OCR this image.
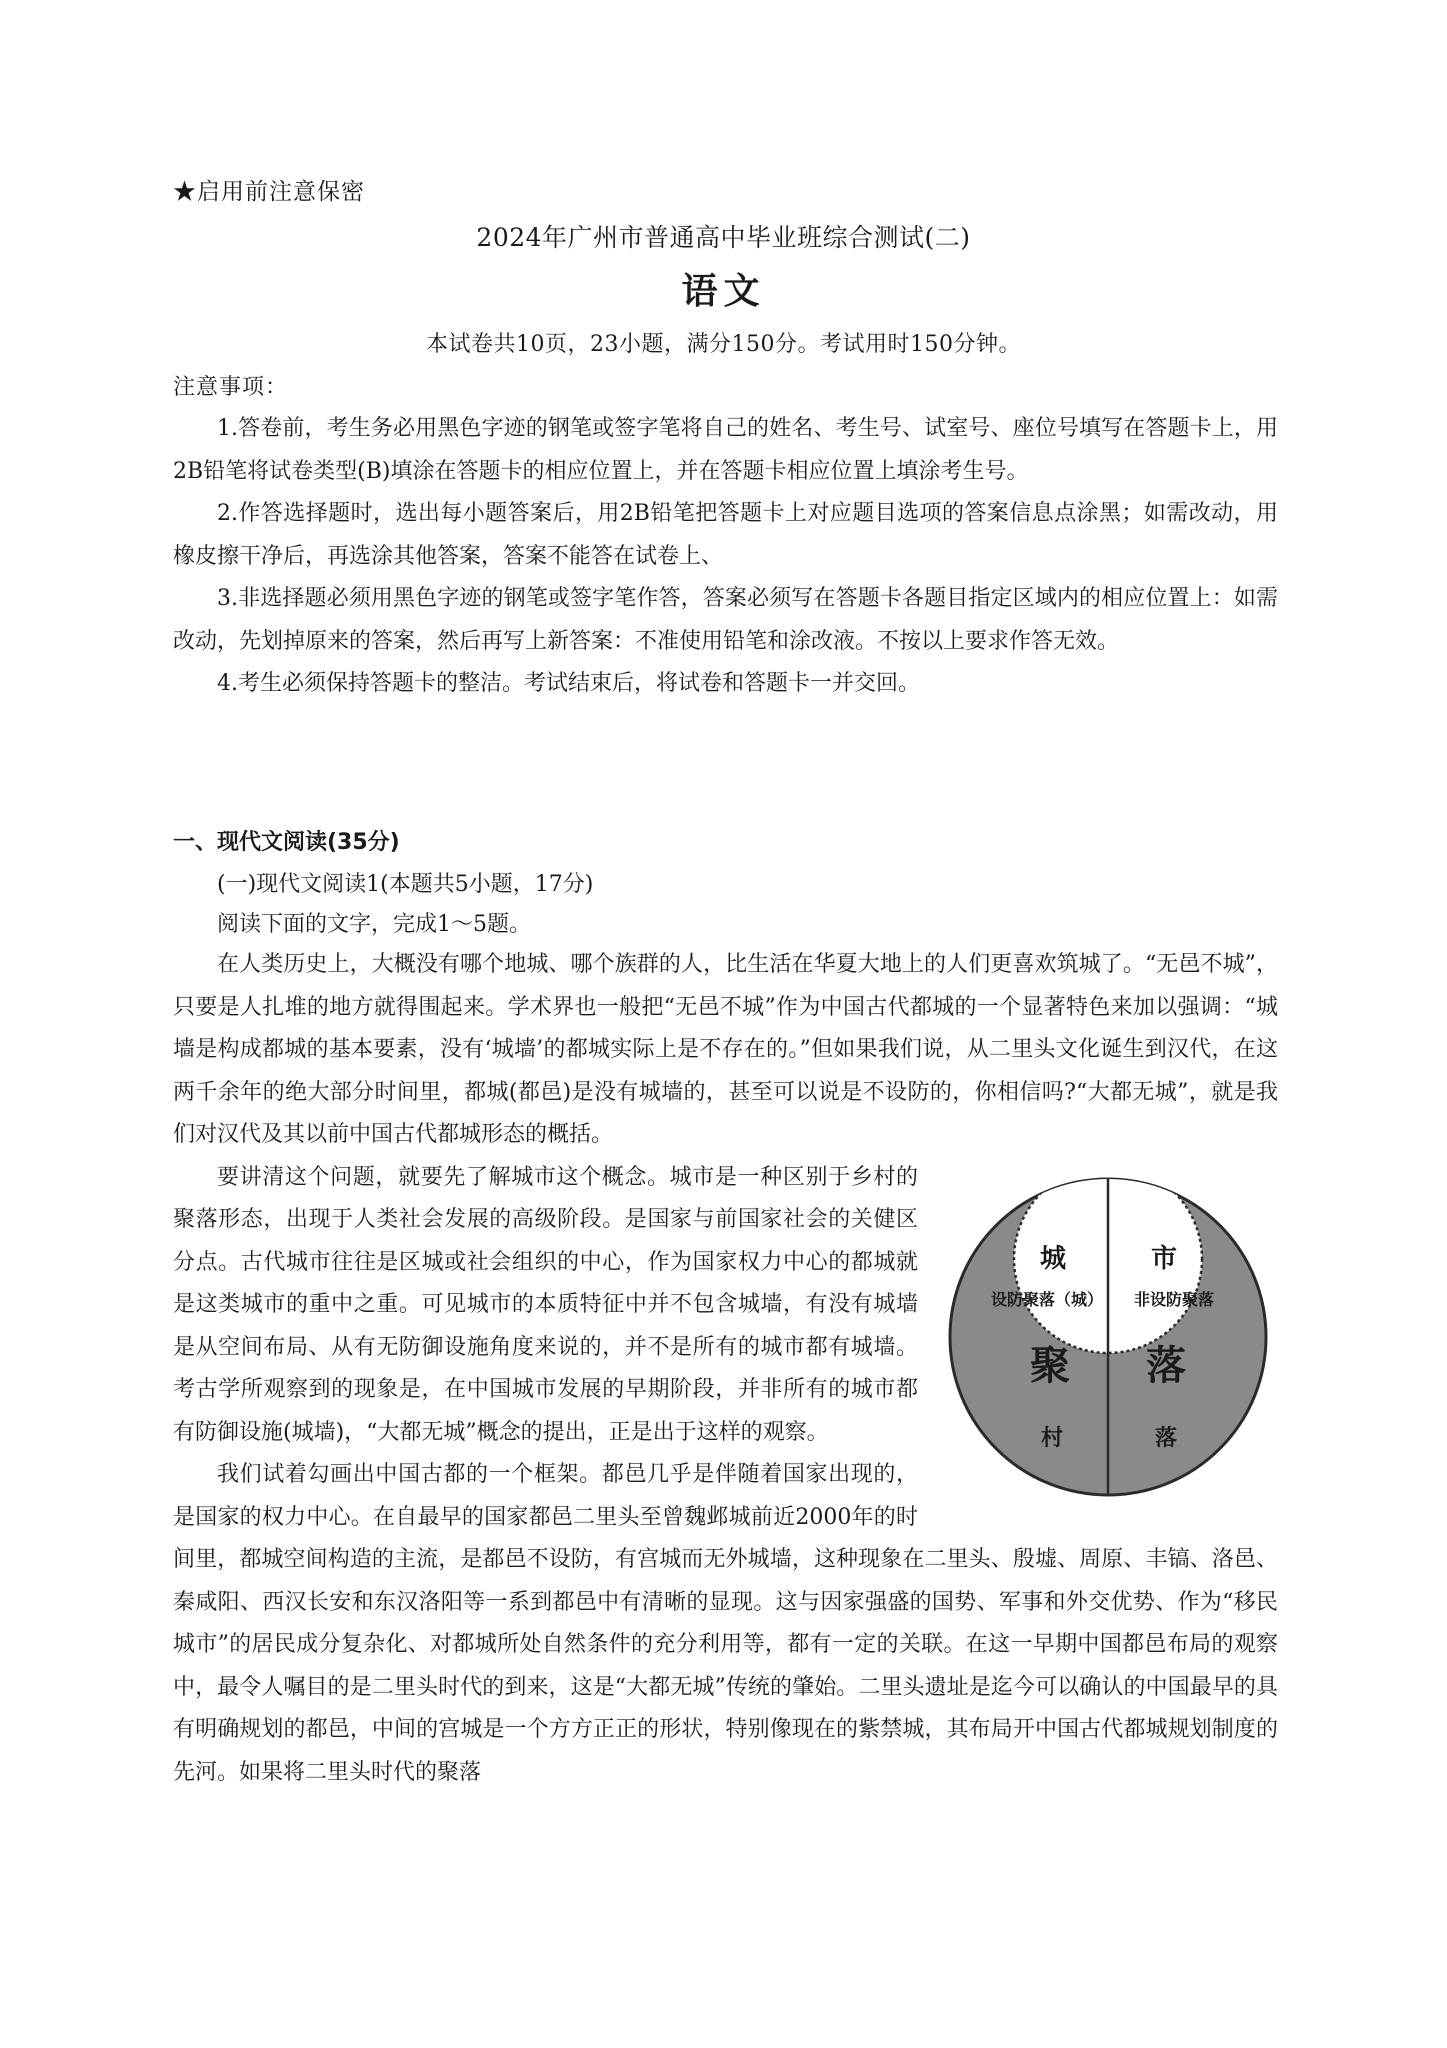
★启用前注意保密
2024年广州市普通高中毕业班综合测试(二)
语文
本试卷共10页，23小题，满分150分。考试用时150分钟。
注意事项：

1.答卷前，考生务必用黑色字迹的钢笔或签字笔将自己的姓名、考生号、试室号、座位号填写在答题卡上，用2B铅笔将试卷类型(B)填涂在答题卡的相应位置上，并在答题卡相应位置上填涂考生号。

2.作答选择题时，选出每小题答案后，用2B铅笔把答题卡上对应题目选项的答案信息点涂黑；如需改动，用橡皮擦干净后，再选涂其他答案，答案不能答在试卷上、

3.非选择题必须用黑色字迹的钢笔或签字笔作答，答案必须写在答题卡各题目指定区域内的相应位置上：如需改动，先划掉原来的答案，然后再写上新答案：不准使用铅笔和涂改液。不按以上要求作答无效。

4.考生必须保持答题卡的整洁。考试结束后，将试卷和答题卡一并交回。

一、现代文阅读(35分)
(一)现代文阅读1(本题共5小题，17分)
阅读下面的文字，完成1～5题。

在人类历史上，大概没有哪个地城、哪个族群的人，比生活在华夏大地上的人们更喜欢筑城了。“无邑不城”，只要是人扎堆的地方就得围起来。学术界也一般把“无邑不城”作为中国古代都城的一个显著特色来加以强调：“城墙是构成都城的基本要素，没有‘城墙’的都城实际上是不存在的。”但如果我们说，从二里头文化诞生到汉代，在这两千余年的绝大部分时间里，都城(都邑)是没有城墙的，甚至可以说是不设防的，你相信吗?“大都无城”，就是我们对汉代及其以前中国古代都城形态的概括。

城	市
设防聚落（城） 非设防聚落
聚 落
村	落

要讲清这个问题，就要先了解城市这个概念。城市是一种区别于乡村的聚落形态，出现于人类社会发展的高级阶段。是国家与前国家社会的关健区分点。古代城市往往是区城或社会组织的中心，作为国家权力中心的都城就是这类城市的重中之重。可见城市的本质特征中并不包含城墙，有没有城墙是从空间布局、从有无防御设施角度来说的，并不是所有的城市都有城墙。考古学所观察到的现象是，在中国城市发展的早期阶段，并非所有的城市都有防御设施(城墙)，“大都无城”概念的提出，正是出于这样的观察。

我们试着勾画出中国古都的一个框架。都邑几乎是伴随着国家出现的，是国家的权力中心。在自最早的国家都邑二里头至曾魏邺城前近2000年的时间里，都城空间构造的主流，是都邑不设防，有宫城而无外城墙，这种现象在二里头、殷墟、周原、丰镐、洛邑、秦咸阳、西汉长安和东汉洛阳等一系到都邑中有清晰的显现。这与因家强盛的国势、军事和外交优势、作为“移民城市”的居民成分复杂化、对都城所处自然条件的充分利用等，都有一定的关联。在这一早期中国都邑布局的观察中，最令人嘱目的是二里头时代的到来，这是“大都无城”传统的肇始。二里头遗址是迄今可以确认的中国最早的具有明确规划的都邑，中间的宫城是一个方方正正的形状，特别像现在的紫禁城，其布局开中国古代都城规划制度的先河。如果将二里头时代的聚落
